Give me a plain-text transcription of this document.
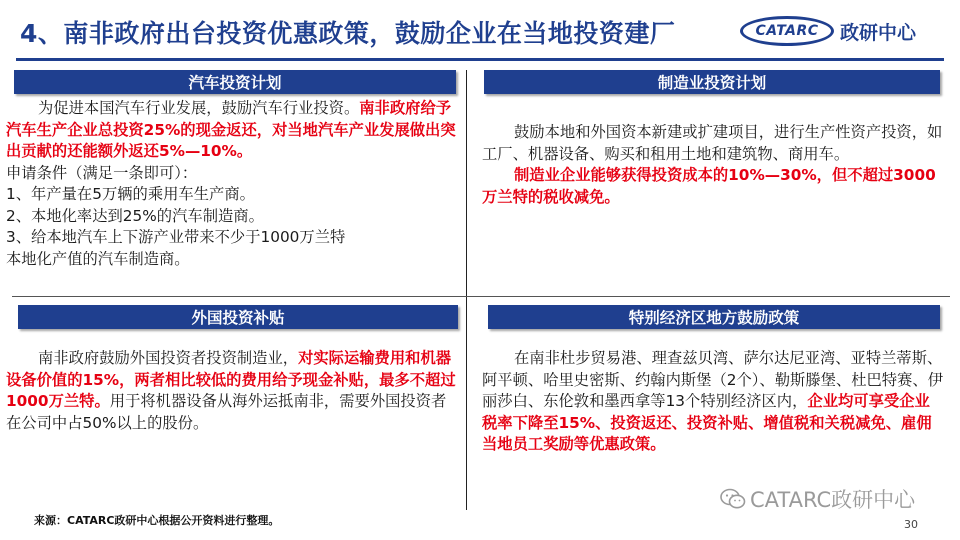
4、南非政府出台投资优惠政策，鼓励企业在当地投资建厂	CATARC	政研中心
汽车投资计划
为促进本国汽车行业发展，鼓励汽车行业投资。南非政府给予汽车生产企业总投资25%的现金返还，对当地汽车产业发展做出突出贡献的还能额外返还5%—10%。
申请条件（满足一条即可）：
1、年产量在5万辆的乘用车生产商。
2、本地化率达到25%的汽车制造商。
3、给本地汽车上下游产业带来不少于1000万兰特
本地化产值的汽车制造商。
制造业投资计划
鼓励本地和外国资本新建或扩建项目，进行生产性资产投资，如工厂、机器设备、购买和租用土地和建筑物、商用车。
制造业企业能够获得投资成本的10%—30%，但不超过3000万兰特的税收减免。
外国投资补贴
南非政府鼓励外国投资者投资制造业，对实际运输费用和机器设备价值的15%，两者相比较低的费用给予现金补贴，最多不超过1000万兰特。用于将机器设备从海外运抵南非，需要外国投资者在公司中占50%以上的股份。
特别经济区地方鼓励政策
在南非杜步贸易港、理查兹贝湾、萨尔达尼亚湾、亚特兰蒂斯、阿平顿、哈里史密斯、约翰内斯堡（2个）、勒斯滕堡、杜巴特赛、伊丽莎白、东伦敦和墨西拿等13个特别经济区内，企业均可享受企业税率下降至15%、投资返还、投资补贴、增值税和关税减免、雇佣当地员工奖励等优惠政策。
来源：CATARC政研中心根据公开资料进行整理。
CATARC政研中心
30
